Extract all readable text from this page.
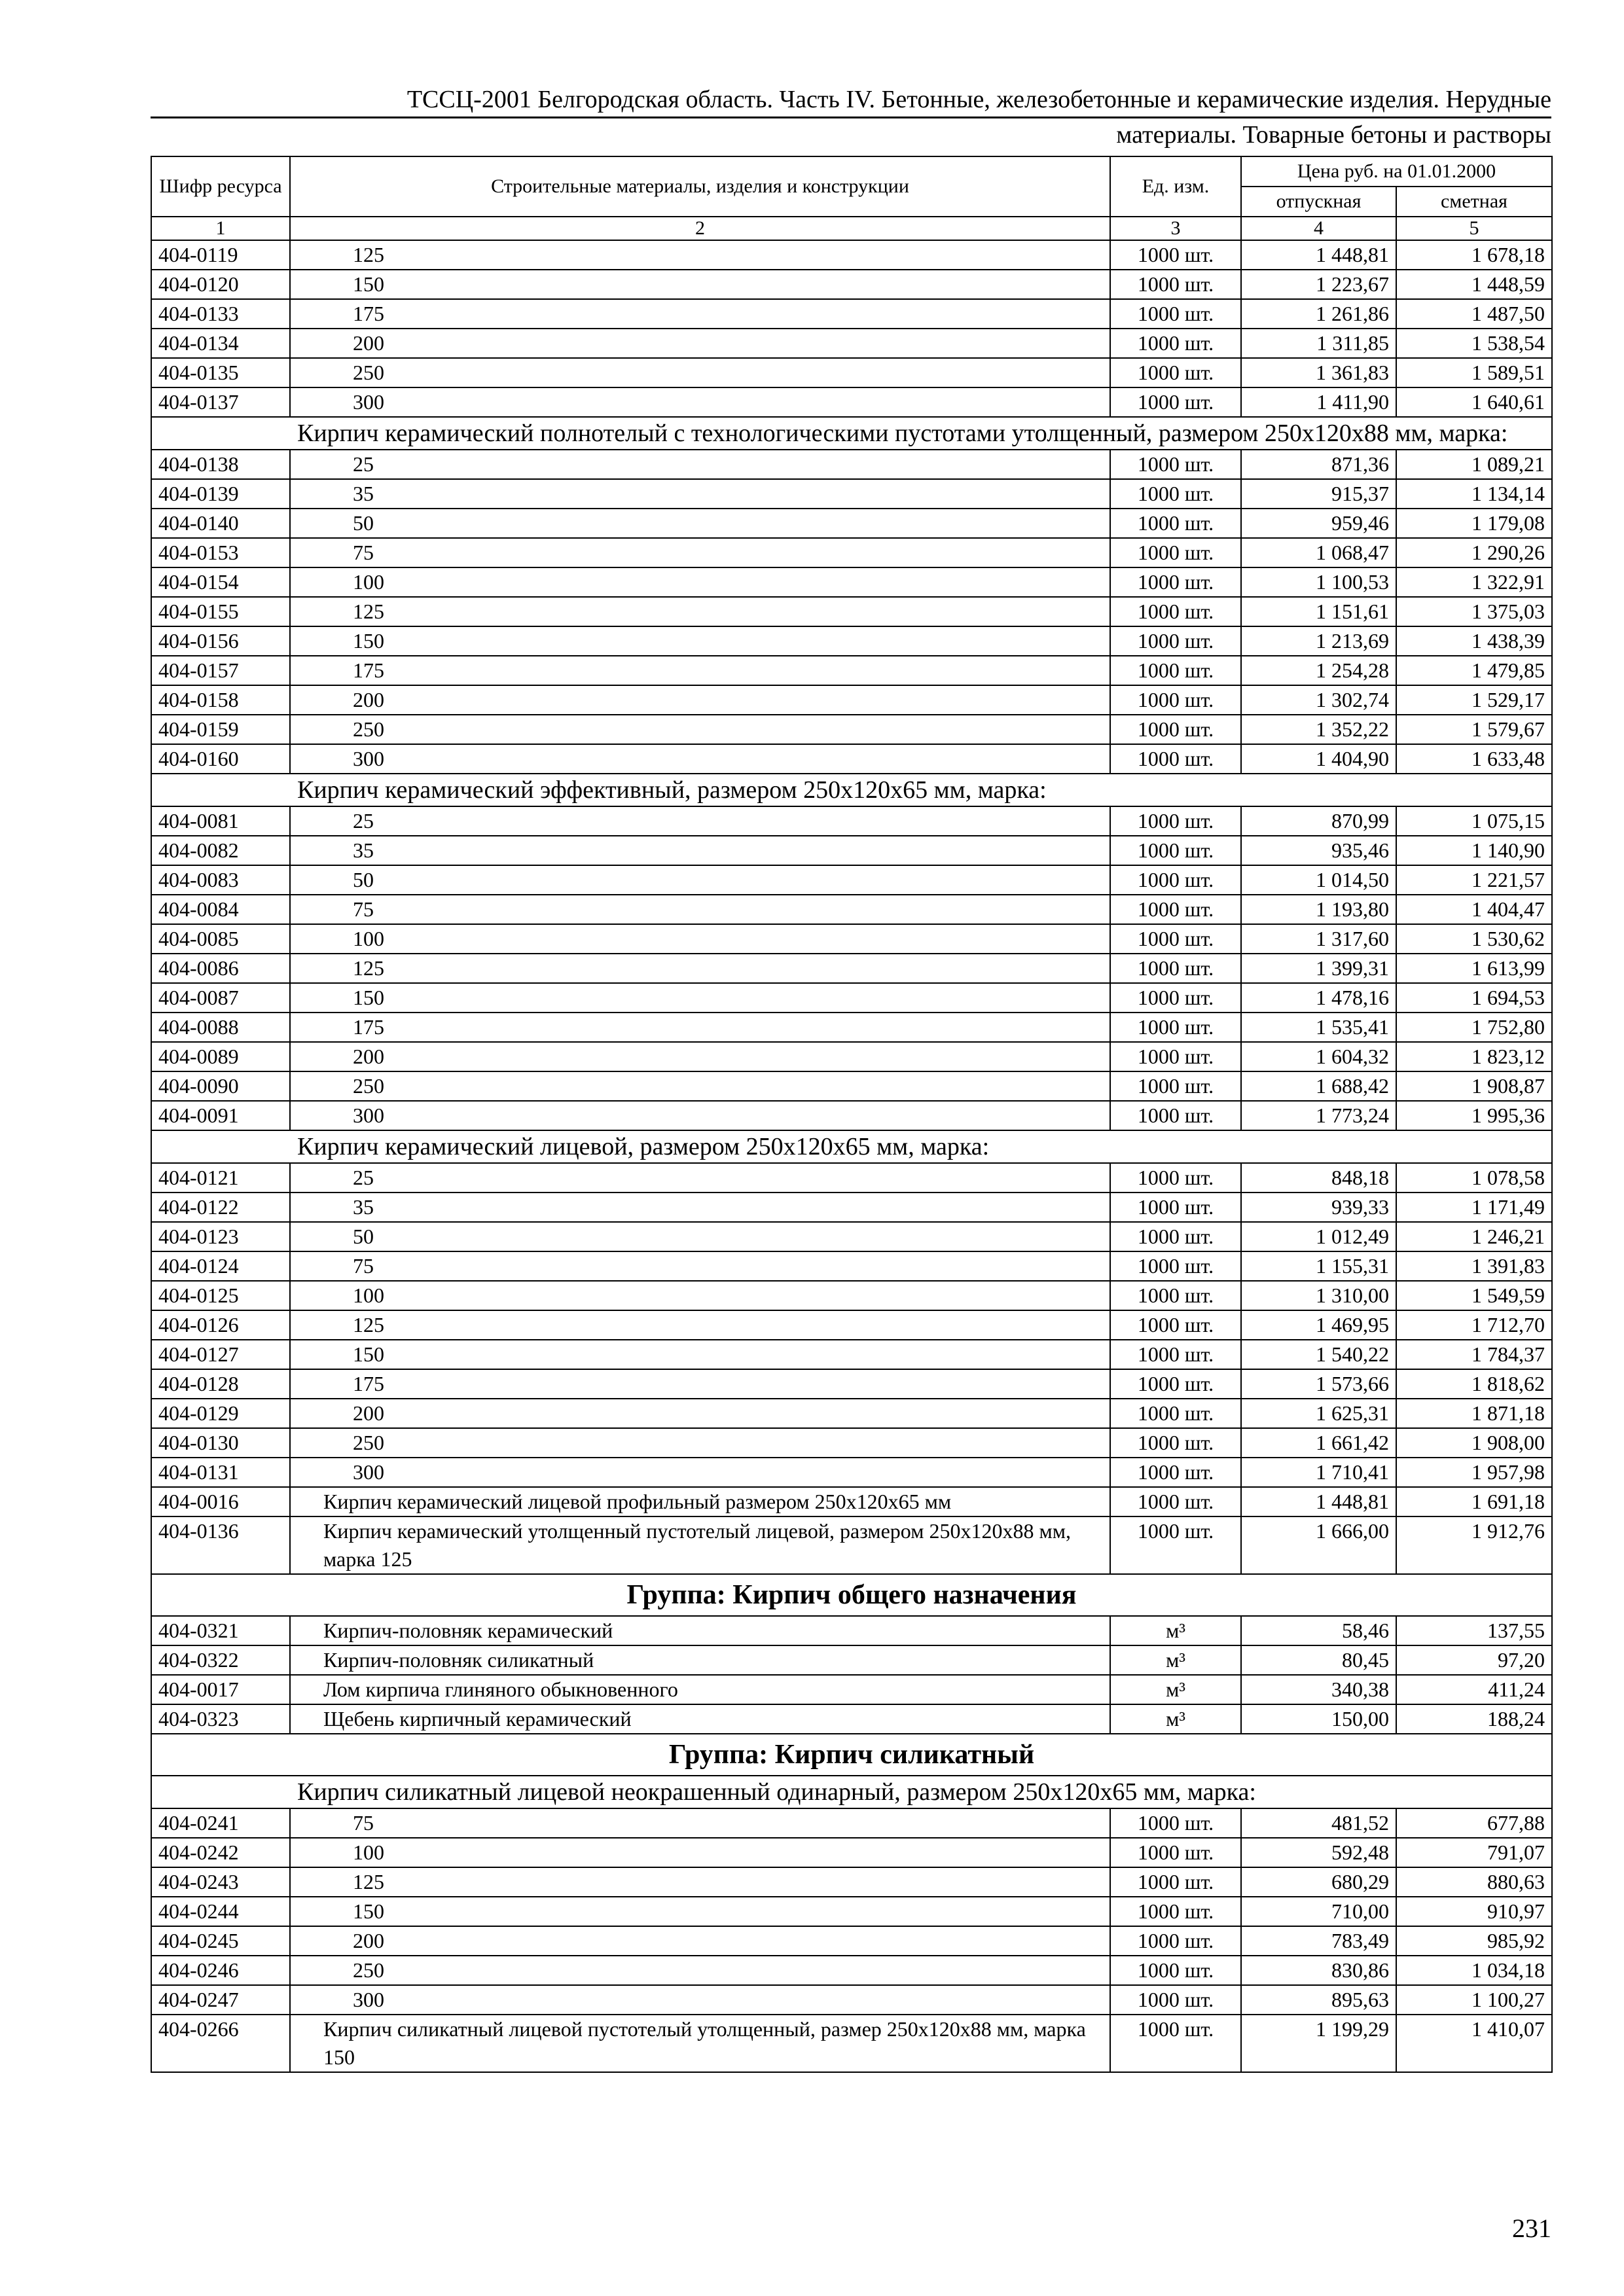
ТССЦ-2001 Белгородская область. Часть IV. Бетонные, железобетонные и керамические изделия. Нерудные
материалы. Товарные бетоны и растворы
Шифр ресурса	Строительные материалы, изделия и конструкции	Ед. изм.	Цена руб. на 01.01.2000	
			отпускная	сметная
1	2	3	4	5
404-0119	125	1000 шт.	1 448,81	1 678,18
404-0120	150	1000 шт.	1 223,67	1 448,59
404-0133	175	1000 шт.	1 261,86	1 487,50
404-0134	200	1000 шт.	1 311,85	1 538,54
404-0135	250	1000 шт.	1 361,83	1 589,51
404-0137	300	1000 шт.	1 411,90	1 640,61
Кирпич керамический полнотелый с технологическими пустотами утолщенный, размером 250х120х88 мм, марка:				
404-0138	25	1000 шт.	871,36	1 089,21
404-0139	35	1000 шт.	915,37	1 134,14
404-0140	50	1000 шт.	959,46	1 179,08
404-0153	75	1000 шт.	1 068,47	1 290,26
404-0154	100	1000 шт.	1 100,53	1 322,91
404-0155	125	1000 шт.	1 151,61	1 375,03
404-0156	150	1000 шт.	1 213,69	1 438,39
404-0157	175	1000 шт.	1 254,28	1 479,85
404-0158	200	1000 шт.	1 302,74	1 529,17
404-0159	250	1000 шт.	1 352,22	1 579,67
404-0160	300	1000 шт.	1 404,90	1 633,48
Кирпич керамический эффективный, размером 250х120х65 мм, марка:				
404-0081	25	1000 шт.	870,99	1 075,15
404-0082	35	1000 шт.	935,46	1 140,90
404-0083	50	1000 шт.	1 014,50	1 221,57
404-0084	75	1000 шт.	1 193,80	1 404,47
404-0085	100	1000 шт.	1 317,60	1 530,62
404-0086	125	1000 шт.	1 399,31	1 613,99
404-0087	150	1000 шт.	1 478,16	1 694,53
404-0088	175	1000 шт.	1 535,41	1 752,80
404-0089	200	1000 шт.	1 604,32	1 823,12
404-0090	250	1000 шт.	1 688,42	1 908,87
404-0091	300	1000 шт.	1 773,24	1 995,36
Кирпич керамический лицевой, размером 250х120х65 мм, марка:				
404-0121	25	1000 шт.	848,18	1 078,58
404-0122	35	1000 шт.	939,33	1 171,49
404-0123	50	1000 шт.	1 012,49	1 246,21
404-0124	75	1000 шт.	1 155,31	1 391,83
404-0125	100	1000 шт.	1 310,00	1 549,59
404-0126	125	1000 шт.	1 469,95	1 712,70
404-0127	150	1000 шт.	1 540,22	1 784,37
404-0128	175	1000 шт.	1 573,66	1 818,62
404-0129	200	1000 шт.	1 625,31	1 871,18
404-0130	250	1000 шт.	1 661,42	1 908,00
404-0131	300	1000 шт.	1 710,41	1 957,98
404-0016	Кирпич керамический лицевой профильный размером 250х120х65 мм	1000 шт.	1 448,81	1 691,18
404-0136	Кирпич керамический утолщенный пустотелый лицевой, размером 250х120х88 мм, марка 125	1000 шт.	1 666,00	1 912,76
Группа: Кирпич общего назначения				
404-0321	Кирпич-половняк керамический	м³	58,46	137,55
404-0322	Кирпич-половняк силикатный	м³	80,45	97,20
404-0017	Лом кирпича глиняного обыкновенного	м³	340,38	411,24
404-0323	Щебень кирпичный керамический	м³	150,00	188,24
Группа: Кирпич силикатный				
Кирпич силикатный лицевой неокрашенный одинарный, размером 250х120х65 мм, марка:				
404-0241	75	1000 шт.	481,52	677,88
404-0242	100	1000 шт.	592,48	791,07
404-0243	125	1000 шт.	680,29	880,63
404-0244	150	1000 шт.	710,00	910,97
404-0245	200	1000 шт.	783,49	985,92
404-0246	250	1000 шт.	830,86	1 034,18
404-0247	300	1000 шт.	895,63	1 100,27
404-0266	Кирпич силикатный лицевой пустотелый утолщенный, размер 250х120х88 мм, марка 150	1000 шт.	1 199,29	1 410,07
231
